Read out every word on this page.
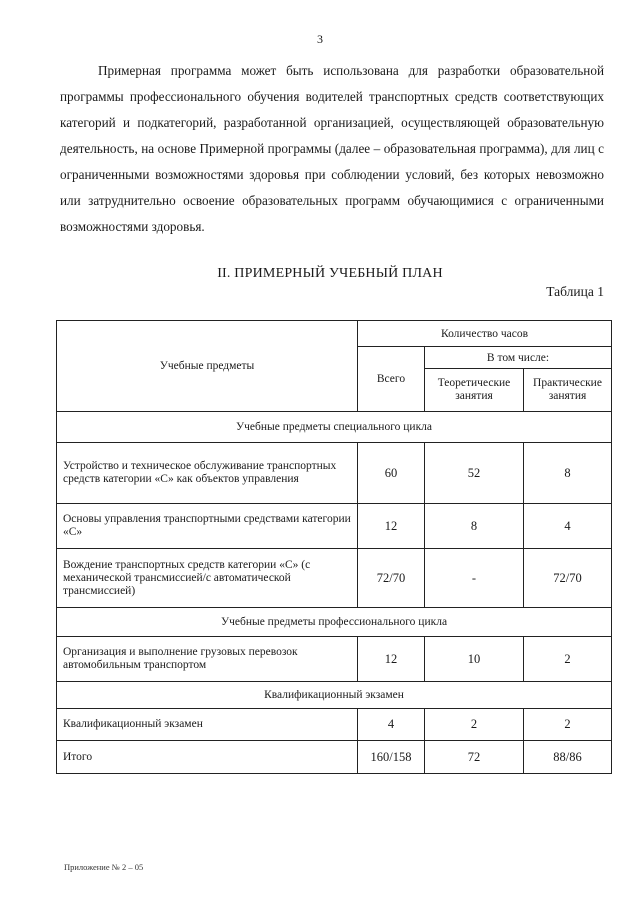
3

Примерная программа может быть использована для разработки образовательной программы профессионального обучения водителей транспортных средств соответствующих категорий и подкатегорий, разработанной организацией, осуществляющей образовательную деятельность, на основе Примерной программы (далее – образовательная программа), для лиц с ограниченными возможностями здоровья при соблюдении условий, без которых невозможно или затруднительно освоение образовательных программ обучающимися с ограниченными возможностями здоровья.

II. ПРИМЕРНЫЙ УЧЕБНЫЙ ПЛАН
Таблица 1
Учебные предметы	Количество часов		
	Всего	В том числе:	
		Теоретические занятия	Практические занятия
Учебные предметы специального цикла			
Устройство и техническое обслуживание транспортных средств категории «С» как объектов управления	60	52	8
Основы управления транспортными средствами категории «С»	12	8	4
Вождение транспортных средств категории «С» (с механической трансмиссией/с автоматической трансмиссией)	72/70	-	72/70
Учебные предметы профессионального цикла			
Организация и выполнение грузовых перевозок автомобильным транспортом	12	10	2
Квалификационный экзамен			
Квалификационный экзамен	4	2	2
Итого	160/158	72	88/86
Приложение № 2 – 05
